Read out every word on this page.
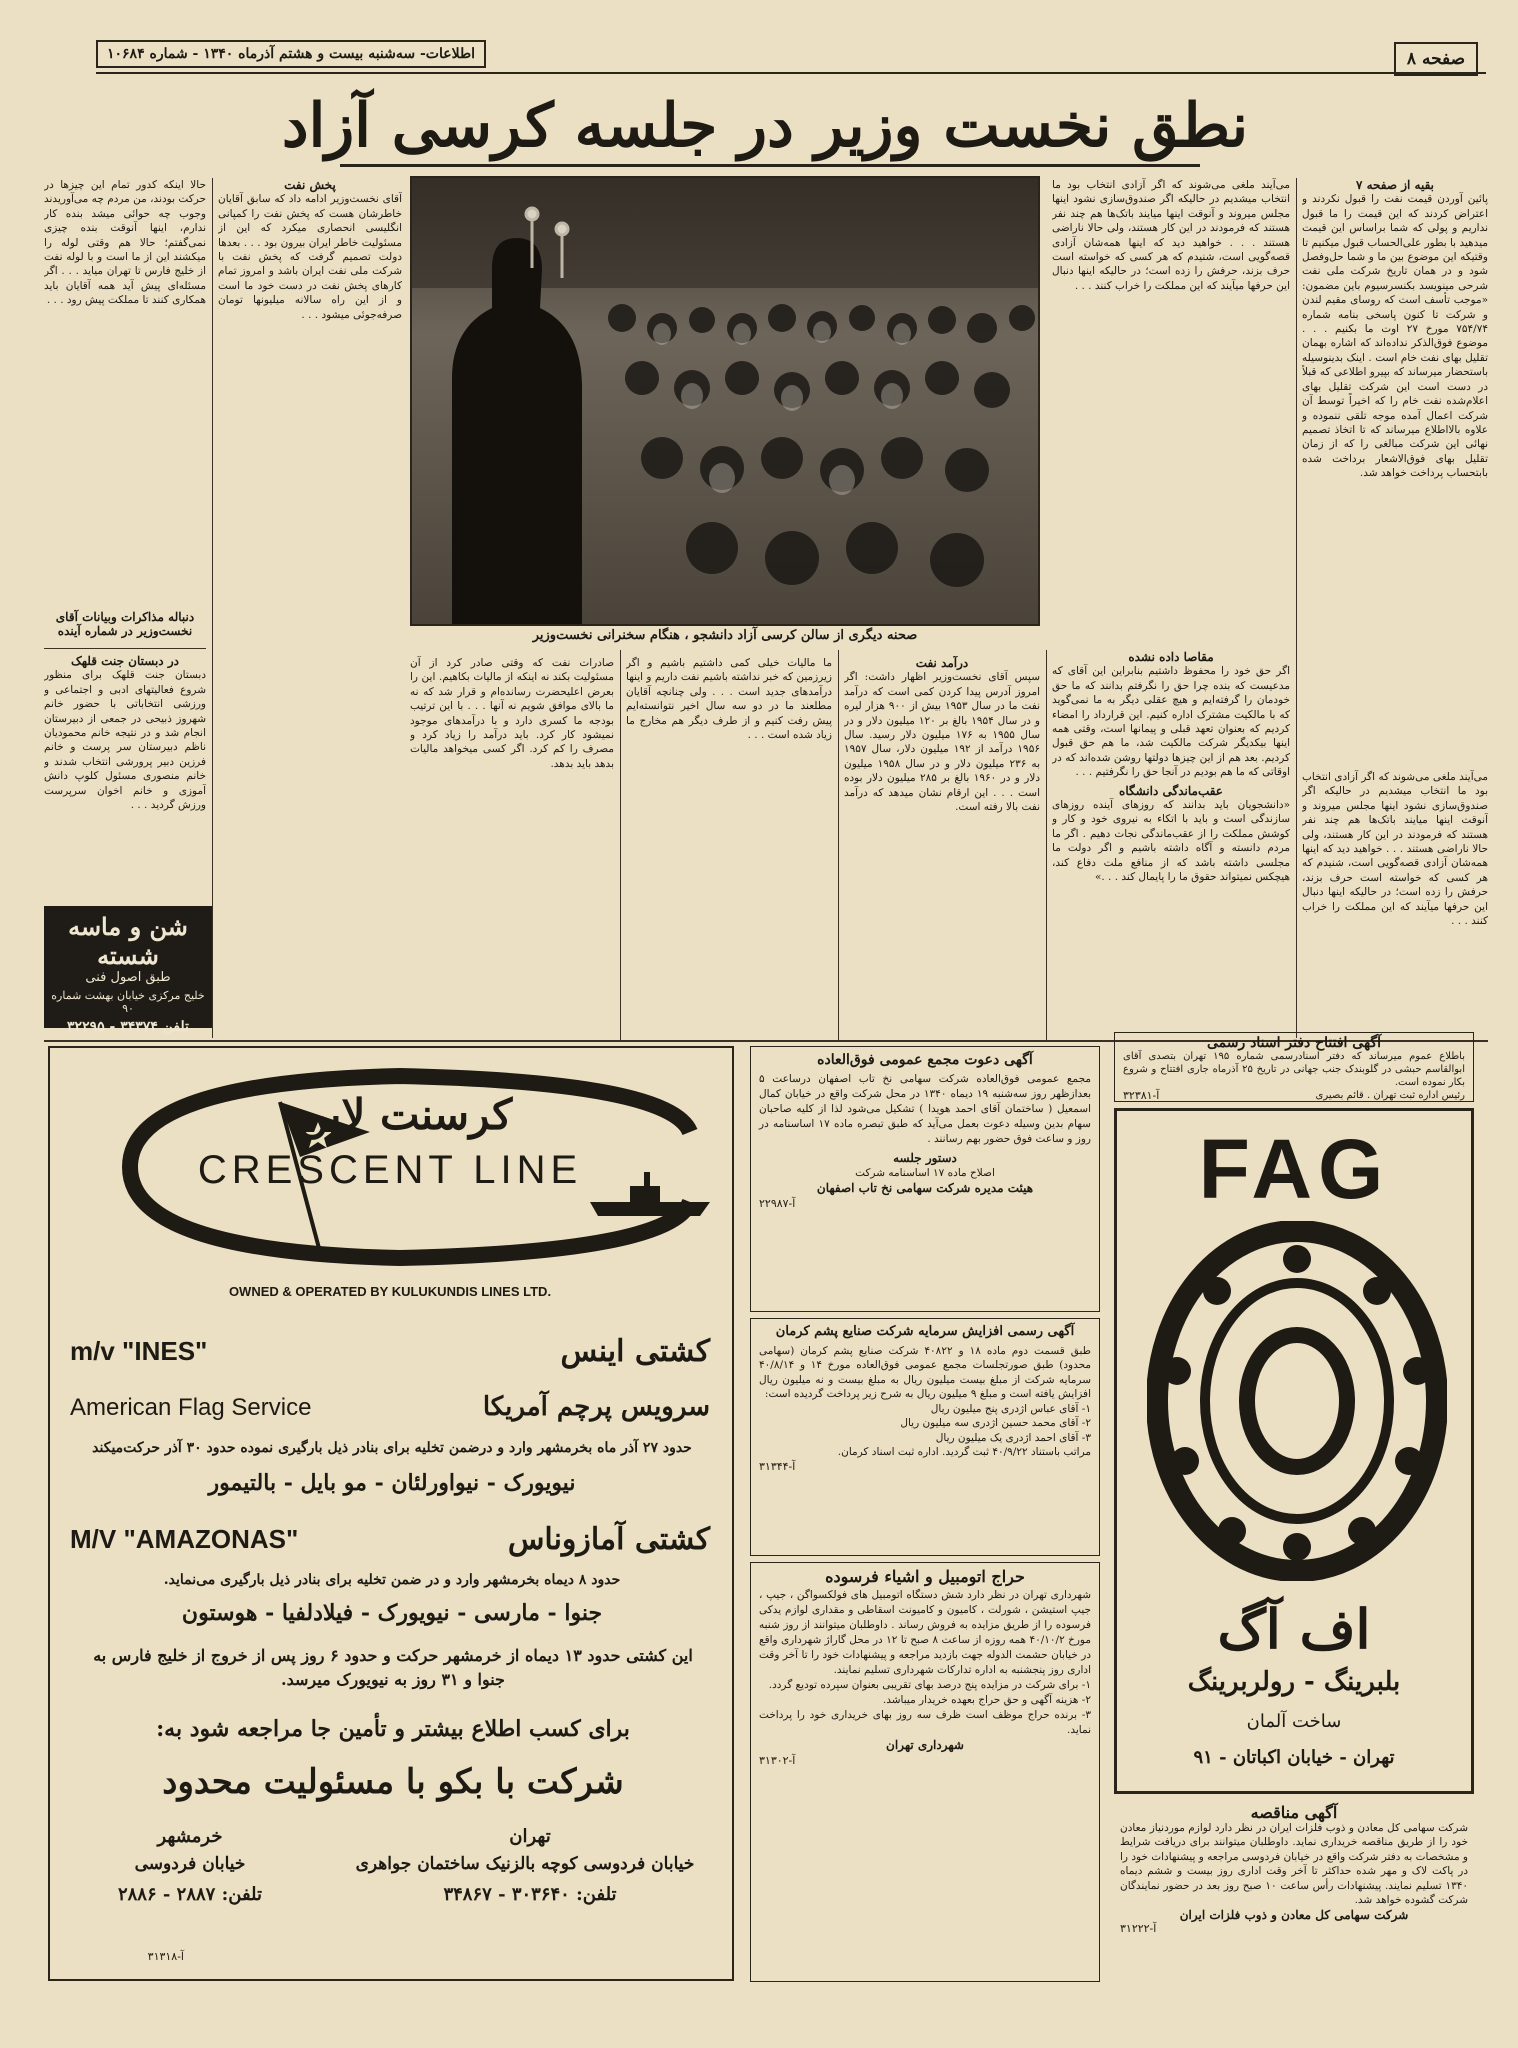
صفحه ۸
اطلاعات- سه‌شنبه بیست و هشتم آذرماه ۱۳۴۰ - شماره ۱۰۶۸۴
نطق نخست وزیر در جلسه کرسی آزاد
بقیه از صفحه ۷

پائین آوردن قیمت نفت را قبول نکردند و اعتراض کردند که این قیمت را ما قبول نداریم و پولی که شما براساس این قیمت میدهید با بطور علی‌الحساب قبول میکنیم تا وقتیکه این موضوع بین ما و شما حل‌وفصل شود و در همان تاریخ شرکت ملی نفت شرحی مینویسد بکنسرسیوم باین مضمون: «موجب تأسف است که روسای مقیم لندن و شرکت تا کنون پاسخی بنامه شماره ۷۵۴/۷۴ مورخ ۲۷ اوت ما بکنیم . . . موضوع فوق‌الذکر نداده‌اند که اشاره بهمان تقلیل بهای نفت خام است . اینک بدینوسیله باستحضار میرساند که بپیرو اطلاعی که قبلاً در دست است این شرکت تقلیل بهای اعلام‌شده نفت خام را که اخیراً توسط آن شرکت اعمال آمده موجه تلقی ننموده و علاوه بالااطلاع میرساند که تا اتخاذ تصمیم نهائی این شرکت مبالغی را که از زمان تقلیل بهای فوق‌الاشعار برداخت شده بابتحساب پرداخت خواهد شد.

می‌آیند ملغی می‌شوند که اگر آزادی انتخاب بود ما انتخاب میشدیم در حالیکه اگر صندوق‌سازی نشود اینها مجلس میروند و آنوقت اینها میایند باتک‌ها هم چند نفر هستند که فرمودند در این کار هستند، ولی حالا ناراضی هستند . . . خواهید دید که اینها همه‌شان آزادی قصه‌گویی است، شنیدم که هر کسی که خواسته است حرف بزند، حرفش را زده است؛ در حالیکه اینها دنبال این حرفها میآیند که این مملکت را خراب کنند . . .

صحنه دیگری از سالن کرسی آزاد دانشجو ، هنگام سخنرانی نخست‌وزیر
پخش نفت

آقای نخست‌وزیر ادامه داد که سابق آقایان خاطرشان هست که پخش نفت را کمپانی انگلیسی انحصاری میکرد که این از مسئولیت خاطر ایران بیرون بود . . . بعدها دولت تصمیم گرفت که پخش نفت با شرکت ملی نفت ایران باشد و امروز تمام کارهای پخش نفت در دست خود ما است و از این راه سالانه میلیونها تومان صرفه‌جوئی میشود . . .

حالا اینکه کدور تمام این چیزها در حرکت بودند، من مردم چه می‌آوریدند وجوب چه حوائی میشد بنده کار ندارم، اینها آنوقت بنده چیزی نمی‌گفتم؛ حالا هم وقتی لوله را میکشند این از ما است و با لوله نفت از خلیج فارس تا تهران میاید . . . اگر مسئله‌ای پیش آید همه آقایان باید همکاری کنند تا مملکت پیش رود . . .

دنباله مذاکرات وبیانات آقای نخست‌وزیر در شماره آینده
در دبستان جنت قلهک

دبستان جنت قلهک برای منظور شروع فعالیتهای ادبی و اجتماعی و ورزشی انتخاباتی با حضور خانم شهروز ذبیحی در جمعی از دبیرستان انجام شد و در نتیجه خانم محمودیان ناظم دبیرستان سر پرست و خانم فرزین دبیر پرورشی انتخاب شدند و خانم منصوری مسئول کلوپ دانش آموزی و خانم اخوان سرپرست ورزش گردید . . .

شن و ماسه شسته
طبق اصول فنی
خلیج مرکزی خیابان بهشت شماره ۹۰
تلفن ۳۴۳۷۴ - ۳۲۲۹۵
مقاصا داده نشده

اگر حق خود را محفوظ داشتیم بنابراین این آقای که مدعیست که بنده چرا حق را نگرفتم بدانند که ما حق خودمان را گرفته‌ایم و هیچ عقلی دیگر به ما نمی‌گوید که با مالکیت مشترک اداره کنیم. این قرارداد را امضاء کردیم که بعنوان تعهد قبلی و پیمانها است، وقتی همه اینها بیکدیگر شرکت مالکیت شد، ما هم حق قبول کردیم. بعد هم از این چیزها دولتها روشن شده‌اند که در اوقاتی که ما هم بودیم در آنجا حق را نگرفتیم . . .

عقب‌ماندگی دانشگاه

«دانشجویان باید بدانند که روزهای آینده روزهای سازندگی است و باید با اتکاء به نیروی خود و کار و کوشش مملکت را از عقب‌ماندگی نجات دهیم . اگر ما مردم دانسته و آگاه داشته باشیم و اگر دولت ما مجلسی داشته باشد که از منافع ملت دفاع کند، هیچکس نمیتواند حقوق ما را پایمال کند . . .»

می‌آیند ملغی می‌شوند که اگر آزادی انتخاب بود ما انتخاب میشدیم در حالیکه اگر صندوق‌سازی نشود اینها مجلس میروند و آنوقت اینها میایند باتک‌ها هم چند نفر هستند که فرمودند در این کار هستند، ولی حالا ناراضی هستند . . . خواهید دید که اینها همه‌شان آزادی قصه‌گویی است، شنیدم که هر کسی که خواسته است حرف بزند، حرفش را زده است؛ در حالیکه اینها دنبال این حرفها میآیند که این مملکت را خراب کنند . . .

درآمد نفت

سپس آقای نخست‌وزیر اظهار داشت: اگر امروز آدرس پیدا کردن کمی است که درآمد نفت ما در سال ۱۹۵۳ بیش از ۹۰۰ هزار لیره و در سال ۱۹۵۴ بالغ بر ۱۲۰ میلیون دلار و در سال ۱۹۵۵ به ۱۷۶ میلیون دلار رسید. سال ۱۹۵۶ درآمد از ۱۹۲ میلیون دلار، سال ۱۹۵۷ به ۲۳۶ میلیون دلار و در سال ۱۹۵۸ میلیون دلار و در ۱۹۶۰ بالغ بر ۲۸۵ میلیون دلار بوده است . . . این ارقام نشان میدهد که درآمد نفت بالا رفته است.

ما مالیات خیلی کمی داشتیم باشیم و اگر زیرزمین که خبر نداشته باشیم نفت داریم و اینها درآمدهای جدید است . . . ولی چنانچه آقایان مطلعند ما در دو سه سال اخیر نتوانسته‌ایم پیش رفت کنیم و از طرف دیگر هم مخارج ما زیاد شده است . . .

صادرات نفت که وقتی صادر کرد از آن مسئولیت بکند نه اینکه از مالیات بکاهیم. این را بعرض اعلیحضرت رسانده‌ام و قرار شد که نه ما بالای موافق شویم نه آنها . . . با این ترتیب بودجه ما کسری دارد و با درآمدهای موجود نمیشود کار کرد. باید درآمد را زیاد کرد و مصرف را کم کرد. اگر کسی میخواهد مالیات بدهد باید بدهد.

کرسنت لاین
CRESCENT LINE
OWNED & OPERATED BY KULUKUNDIS LINES LTD.
m/v "INES"	کشتی اینس
American Flag Service	سرویس پرچم آمریکا
حدود ۲۷ آذر ماه بخرمشهر وارد و درضمن تخلیه برای بنادر ذیل بارگیری نموده حدود ۳۰ آذر حرکت‌میکند
نیویورک - نیواورلئان - مو بایل - بالتیمور
M/V "AMAZONAS"	کشتی آمازوناس
حدود ۸ دیماه بخرمشهر وارد و در ضمن تخلیه برای بنادر ذیل بارگیری می‌نماید.
جنوا - مارسی - نیویورک - فیلادلفیا - هوستون
این کشتی حدود ۱۳ دیماه از خرمشهر حرکت و حدود ۶ روز پس از خروج از خلیج فارس به جنوا و ۳۱ روز به نیویورک میرسد.
برای کسب اطلاع بیشتر و تأمین جا مراجعه شود به:
شرکت با بکو با مسئولیت محدود
تهران
خیابان فردوسی کوچه بالزنیک ساختمان جواهری
تلفن: ۳۰۳۶۴۰ - ۳۴۸۶۷
خرمشهر
خیابان فردوسی
تلفن: ۲۸۸۷ - ۲۸۸۶
آ-۳۱۳۱۸
آگهی دعوت مجمع عمومی فوق‌العاده
مجمع عمومی فوق‌العاده شرکت سهامی نخ تاب اصفهان درساعت ۵ بعدازظهر روز سه‌شنبه ۱۹ دیماه ۱۳۴۰ در محل شرکت واقع در خیابان کمال اسمعیل ( ساختمان آقای احمد هویدا ) تشکیل می‌شود لذا از کلیه صاحبان سهام بدین وسیله دعوت بعمل می‌آید که طبق تبصره ماده ۱۷ اساسنامه در روز و ساعت فوق حضور بهم رسانند .
دستور جلسه
اصلاح ماده ۱۷ اساسنامه شرکت
هیئت مدیره شرکت سهامی نخ تاب اصفهان
آ-۲۲۹۸۷
آگهی رسمی افزایش سرمایه شرکت صنایع پشم کرمان
طبق قسمت دوم ماده ۱۸ و ۴۰۸۲۲ شرکت صنایع پشم کرمان (سهامی محدود) طبق صورتجلسات مجمع عمومی فوق‌العاده مورخ ۱۴ و ۴۰/۸/۱۴ سرمایه شرکت از مبلغ بیست میلیون ریال به مبلغ بیست و نه میلیون ریال افزایش یافته است و مبلغ ۹ میلیون ریال به شرح زیر پرداخت گردیده است:
۱- آقای عباس اژدری پنج میلیون ریال
۲- آقای محمد حسین اژدری سه میلیون ریال
۳- آقای احمد اژدری یک میلیون ریال
مراتب باستناد ۴۰/۹/۲۲ ثبت گردید. اداره ثبت اسناد کرمان.
آ-۳۱۳۴۴
حراج اتومبیل و اشیاء فرسوده
شهرداری تهران در نظر دارد شش دستگاه اتومبیل های فولکسواگن ، جیپ ، جیپ استیشن ، شورلت ، کامیون و کامیونت اسقاطی و مقداری لوازم یدکی فرسوده را از طریق مزایده به فروش رساند . داوطلبان میتوانند از روز شنبه مورخ ۴۰/۱۰/۲ همه روزه از ساعت ۸ صبح تا ۱۲ در محل گاراژ شهرداری واقع در خیابان حشمت الدوله جهت بازدید مراجعه و پیشنهادات خود را تا آخر وقت اداری روز پنجشنبه به اداره تدارکات شهرداری تسلیم نمایند.
۱- برای شرکت در مزایده پنج درصد بهای تقریبی بعنوان سپرده تودیع گردد.
۲- هزینه آگهی و حق حراج بعهده خریدار میباشد.
۳- برنده حراج موظف است ظرف سه روز بهای خریداری خود را پرداخت نماید.
شهرداری تهران
آ-۳۱۳۰۲
آگهی افتتاح دفتر اسناد رسمی
باطلاع عموم میرساند که دفتر اسنادرسمی شماره ۱۹۵ تهران بتصدی آقای ابوالقاسم حبشی در گلوبندک جنب جهانی در تاریخ ۲۵ آذرماه جاری افتتاح و شروع بکار نموده است.
رئیس اداره ثبت تهران . قائم بصیری
آ-۳۲۳۸۱
FAG
اف آگ
بلبرینگ - رولربرینگ
ساخت آلمان
تهران - خیابان اکباتان - ۹۱
آگهی مناقصه
شرکت سهامی کل معادن و ذوب فلزات ایران در نظر دارد لوازم موردنیاز معادن خود را از طریق مناقصه خریداری نماید. داوطلبان میتوانند برای دریافت شرایط و مشخصات به دفتر شرکت واقع در خیابان فردوسی مراجعه و پیشنهادات خود را در پاکت لاک و مهر شده حداکثر تا آخر وقت اداری روز بیست و ششم دیماه ۱۳۴۰ تسلیم نمایند. پیشنهادات رأس ساعت ۱۰ صبح روز بعد در حضور نمایندگان شرکت گشوده خواهد شد.
شرکت سهامی کل معادن و ذوب فلزات ایران
آ-۳۱۲۲۲
